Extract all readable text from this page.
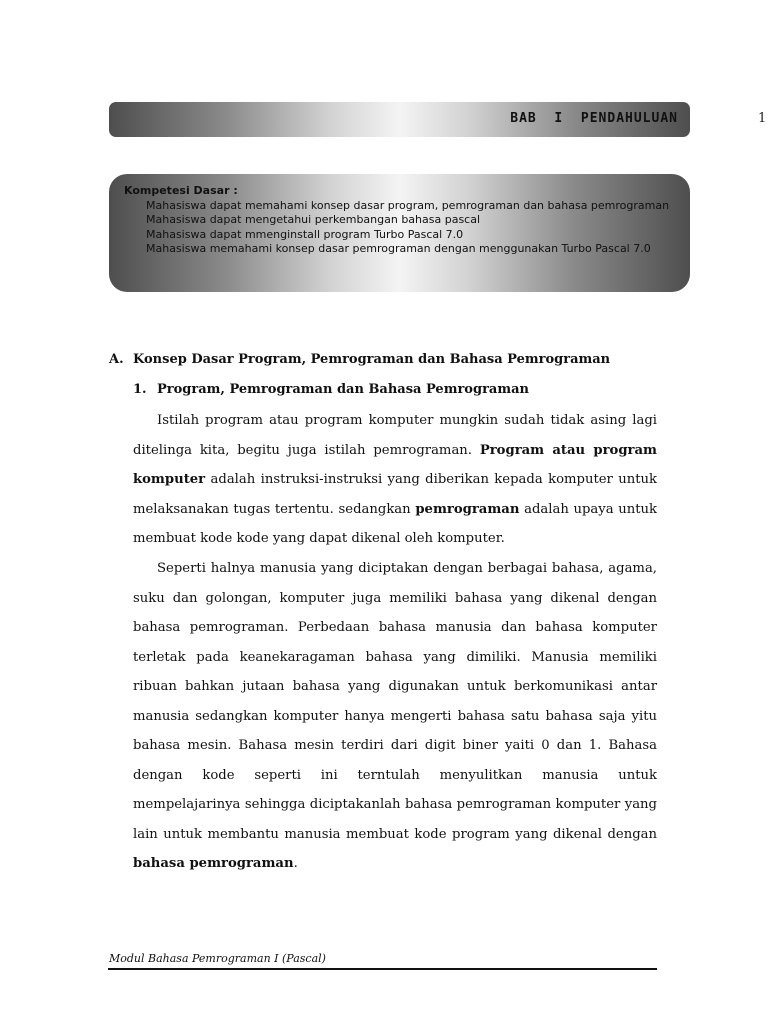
1
BAB  I  PENDAHULUAN

Kompetesi Dasar :

Mahasiswa dapat memahami konsep dasar program, pemrograman dan bahasa pemrograman
Mahasiswa dapat mengetahui perkembangan bahasa pascal
Mahasiswa dapat mmenginstall program Turbo Pascal 7.0
Mahasiswa memahami konsep dasar pemrograman dengan menggunakan Turbo Pascal 7.0
A. Konsep Dasar Program, Pemrograman dan Bahasa Pemrograman
1. Program, Pemrograman dan Bahasa Pemrograman

Istilah program atau program komputer mungkin sudah tidak asing lagi ditelinga kita, begitu juga istilah pemrograman. Program atau program komputer adalah instruksi-instruksi yang diberikan kepada komputer untuk melaksanakan tugas tertentu. sedangkan pemrograman adalah upaya untuk membuat kode kode yang dapat dikenal oleh komputer.

Seperti halnya manusia yang diciptakan dengan berbagai bahasa, agama, suku dan golongan, komputer juga memiliki bahasa yang dikenal dengan bahasa pemrograman. Perbedaan bahasa manusia dan bahasa komputer terletak pada keanekaragaman bahasa yang dimiliki. Manusia memiliki ribuan bahkan jutaan bahasa yang digunakan untuk berkomunikasi antar manusia sedangkan komputer hanya mengerti bahasa satu bahasa saja yitu bahasa mesin. Bahasa mesin terdiri dari digit biner yaiti 0 dan 1. Bahasa dengan kode seperti ini terntulah menyulitkan manusia untuk mempelajarinya sehingga diciptakanlah bahasa pemrograman komputer yang lain untuk membantu manusia membuat kode program yang dikenal dengan bahasa pemrograman.

Modul Bahasa Pemrograman I (Pascal)
